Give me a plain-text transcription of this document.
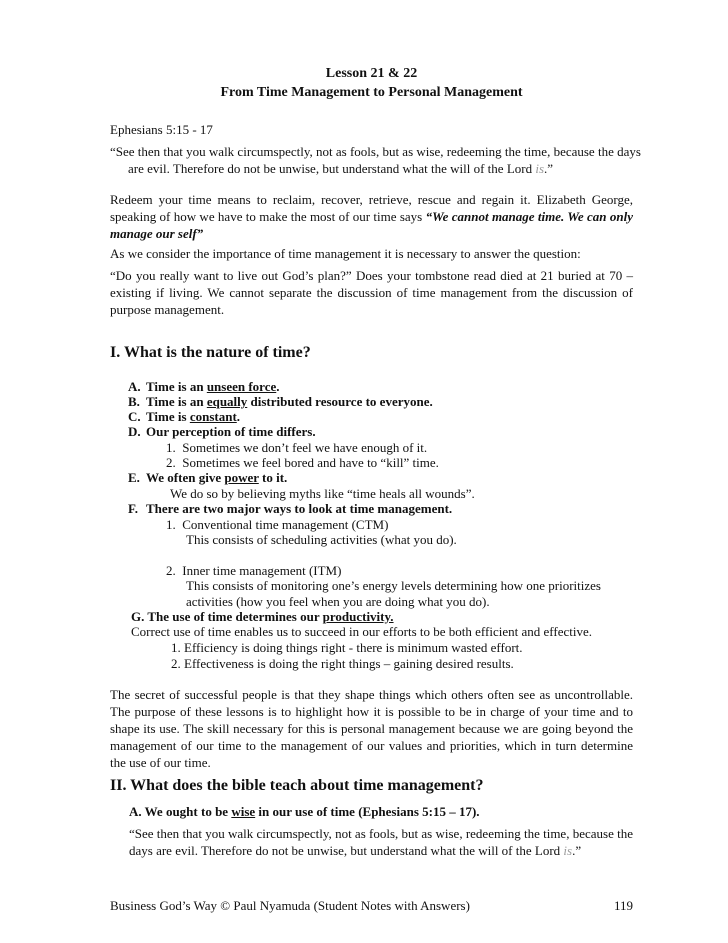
Lesson 21 & 22
From Time Management to Personal Management
Ephesians 5:15 - 17
“See then that you walk circumspectly, not as fools, but as wise, redeeming the time, because the days are evil. Therefore do not be unwise, but understand what the will of the Lord is.”
Redeem your time means to reclaim, recover, retrieve, rescue and regain it. Elizabeth George, speaking of how we have to make the most of our time says “We cannot manage time. We can only manage our self”
As we consider the importance of time management it is necessary to answer the question:
“Do you really want to live out God’s plan?” Does your tombstone read died at 21 buried at 70 – existing if living. We cannot separate the discussion of time management from the discussion of purpose management.
I. What is the nature of time?
A. Time is an unseen force.
B. Time is an equally distributed resource to everyone.
C. Time is constant.
D. Our perception of time differs.
1. Sometimes we don’t feel we have enough of it.
2. Sometimes we feel bored and have to “kill” time.
E. We often give power to it.
We do so by believing myths like “time heals all wounds”.
F. There are two major ways to look at time management.
1. Conventional time management (CTM)
This consists of scheduling activities (what you do).
2. Inner time management (ITM)
This consists of monitoring one’s energy levels determining how one prioritizes
activities (how you feel when you are doing what you do).
G. The use of time determines our productivity.
Correct use of time enables us to succeed in our efforts to be both efficient and effective.
1. Efficiency is doing things right - there is minimum wasted effort.
2. Effectiveness is doing the right things – gaining desired results.
The secret of successful people is that they shape things which others often see as uncontrollable. The purpose of these lessons is to highlight how it is possible to be in charge of your time and to shape its use. The skill necessary for this is personal management because we are going beyond the management of our time to the management of our values and priorities, which in turn determine the use of our time.
II. What does the bible teach about time management?
A. We ought to be wise in our use of time (Ephesians 5:15 – 17).
“See then that you walk circumspectly, not as fools, but as wise, redeeming the time, because the days are evil. Therefore do not be unwise, but understand what the will of the Lord is.”
Business God’s Way © Paul Nyamuda (Student Notes with Answers)	119
